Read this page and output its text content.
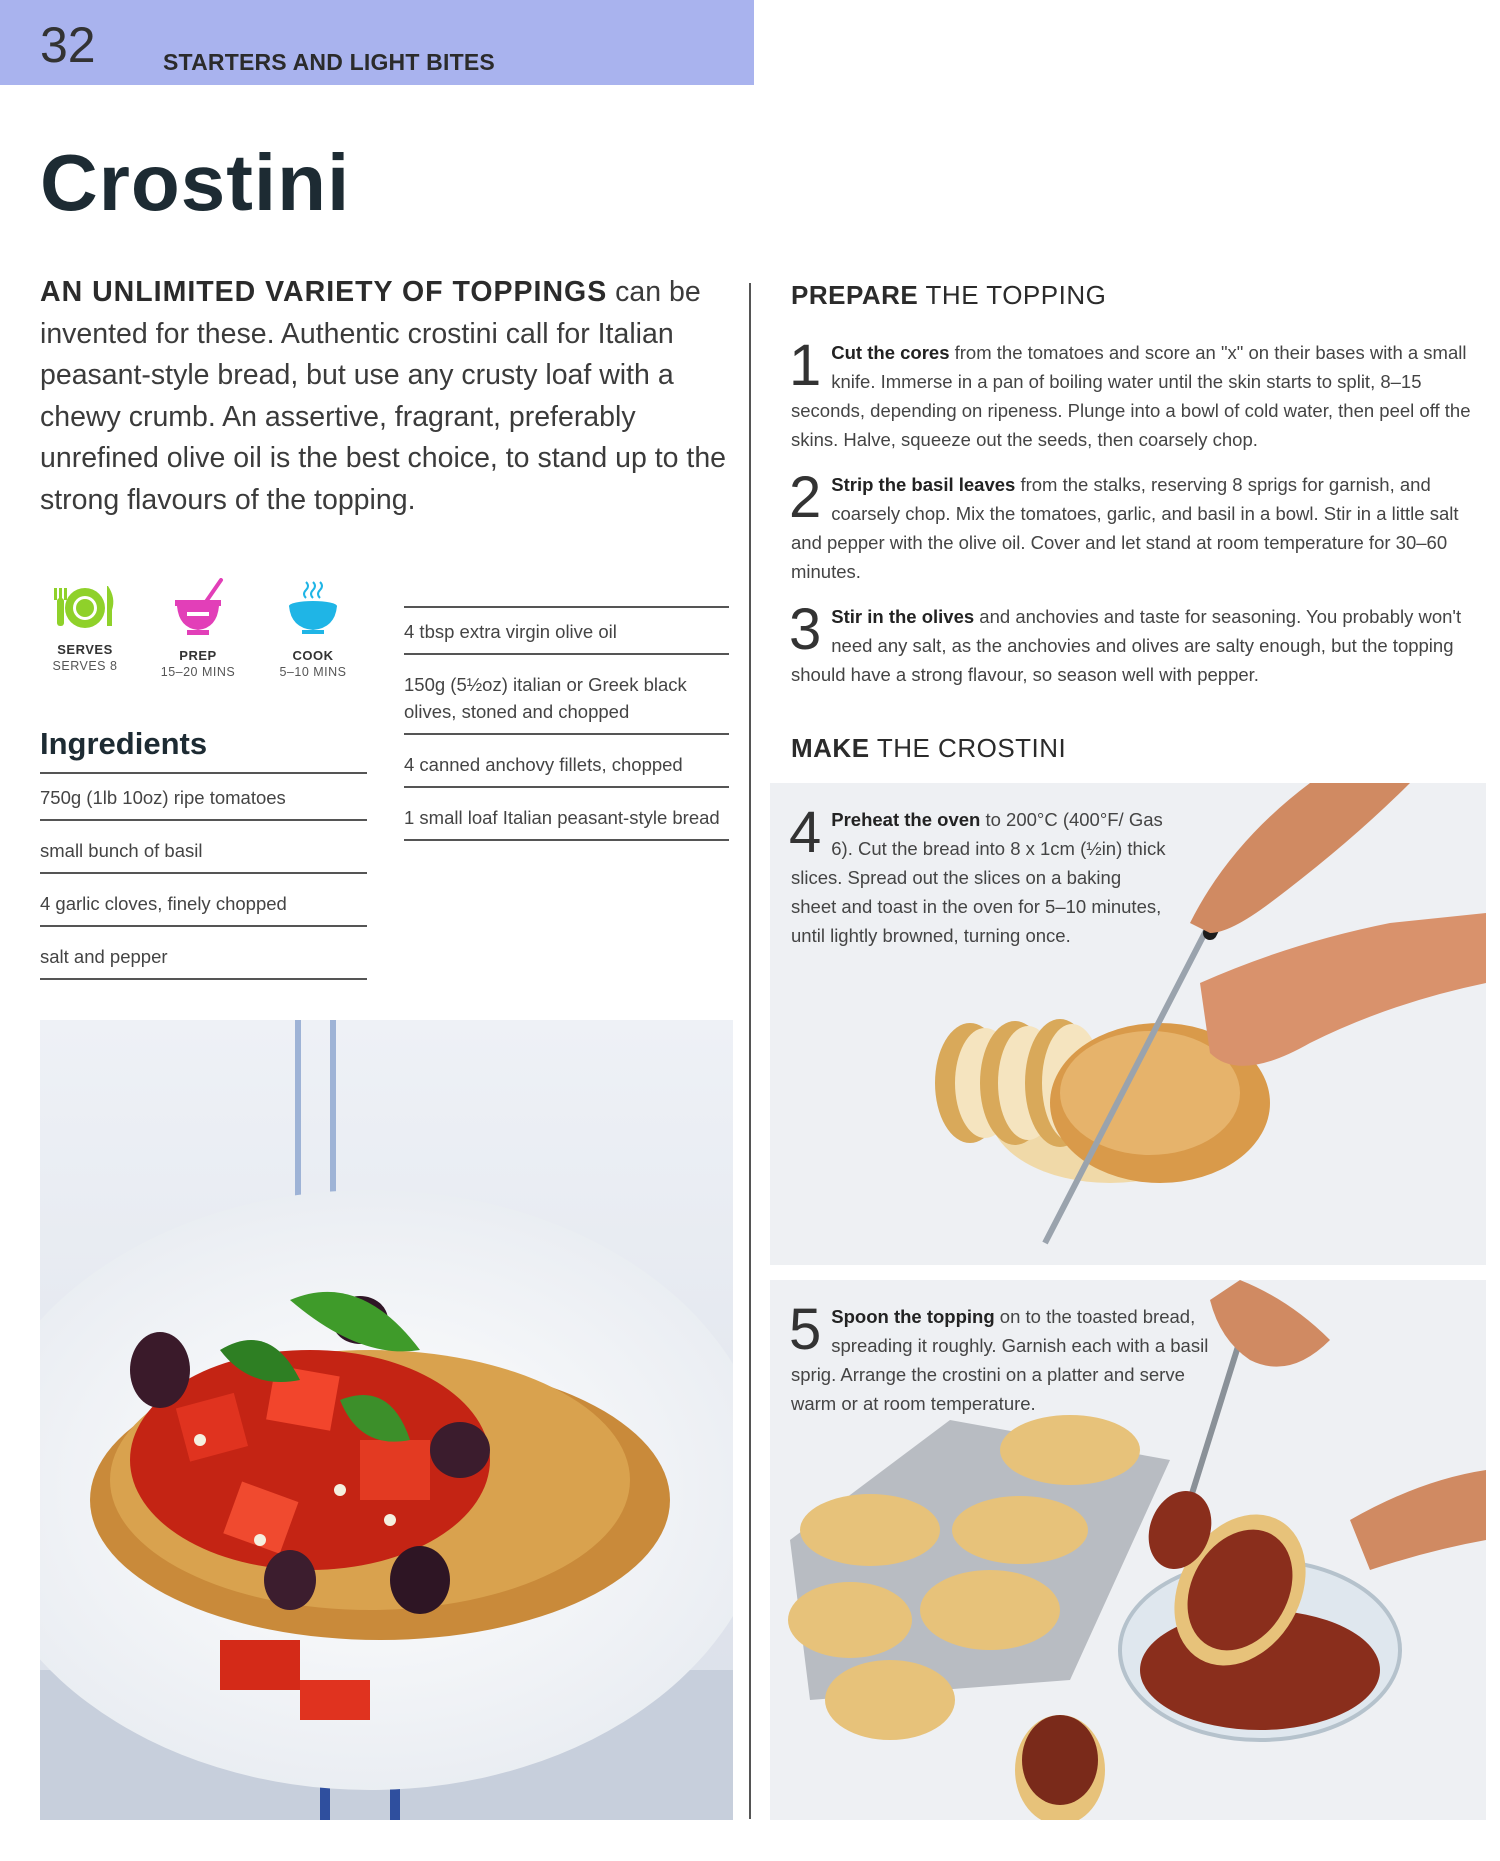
32	STARTERS AND LIGHT BITES
Crostini
AN UNLIMITED VARIETY OF TOPPINGS can be invented for these. Authentic crostini call for Italian peasant-style bread, but use any crusty loaf with a chewy crumb. An assertive, fragrant, preferably unrefined olive oil is the best choice, to stand up to the strong flavours of the topping.
SERVES
SERVES 8
PREP
15–20 MINS
COOK
5–10 MINS
Ingredients
750g (1lb 10oz) ripe tomatoes
small bunch of basil
4 garlic cloves, finely chopped
salt and pepper
4 tbsp extra virgin olive oil
150g (5½oz) italian or Greek black olives, stoned and chopped
4 canned anchovy fillets, chopped
1 small loaf Italian peasant-style bread
PREPARE THE TOPPING
1 Cut the cores from the tomatoes and score an "x" on their bases with a small knife. Immerse in a pan of boiling water until the skin starts to split, 8–15 seconds, depending on ripeness. Plunge into a bowl of cold water, then peel off the skins. Halve, squeeze out the seeds, then coarsely chop.
2 Strip the basil leaves from the stalks, reserving 8 sprigs for garnish, and coarsely chop. Mix the tomatoes, garlic, and basil in a bowl. Stir in a little salt and pepper with the olive oil. Cover and let stand at room temperature for 30–60 minutes.
3 Stir in the olives and anchovies and taste for seasoning. You probably won't need any salt, as the anchovies and olives are salty enough, but the topping should have a strong flavour, so season well with pepper.
MAKE THE CROSTINI
4 Preheat the oven to 200°C (400°F/ Gas 6). Cut the bread into 8 x 1cm (½in) thick slices. Spread out the slices on a baking sheet and toast in the oven for 5–10 minutes, until lightly browned, turning once.
5 Spoon the topping on to the toasted bread, spreading it roughly. Garnish each with a basil sprig. Arrange the crostini on a platter and serve warm or at room temperature.
